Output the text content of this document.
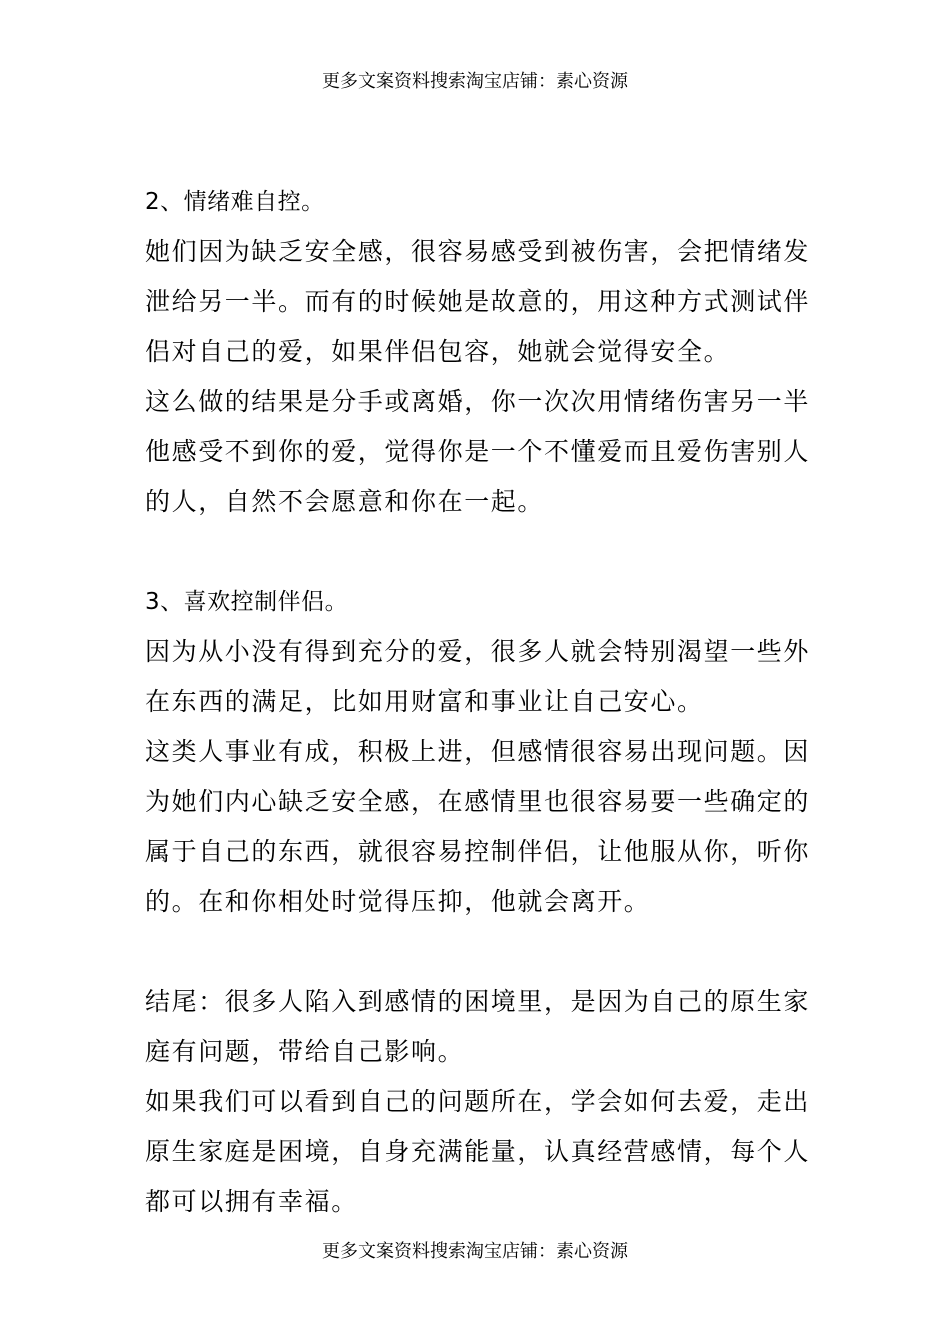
更多文案资料搜索淘宝店铺：素心资源

2、情绪难自控。

她们因为缺乏安全感，很容易感受到被伤害，会把情绪发泄给另一半。而有的时候她是故意的，用这种方式测试伴侣对自己的爱，如果伴侣包容，她就会觉得安全。

这么做的结果是分手或离婚，你一次次用情绪伤害另一半他感受不到你的爱，觉得你是一个不懂爱而且爱伤害别人的人，自然不会愿意和你在一起。

3、喜欢控制伴侣。

因为从小没有得到充分的爱，很多人就会特别渴望一些外在东西的满足，比如用财富和事业让自己安心。

这类人事业有成，积极上进，但感情很容易出现问题。因为她们内心缺乏安全感，在感情里也很容易要一些确定的属于自己的东西，就很容易控制伴侣，让他服从你，听你的。在和你相处时觉得压抑，他就会离开。

结尾：很多人陷入到感情的困境里，是因为自己的原生家庭有问题，带给自己影响。

如果我们可以看到自己的问题所在，学会如何去爱，走出原生家庭是困境，自身充满能量，认真经营感情，每个人都可以拥有幸福。

更多文案资料搜索淘宝店铺：素心资源
